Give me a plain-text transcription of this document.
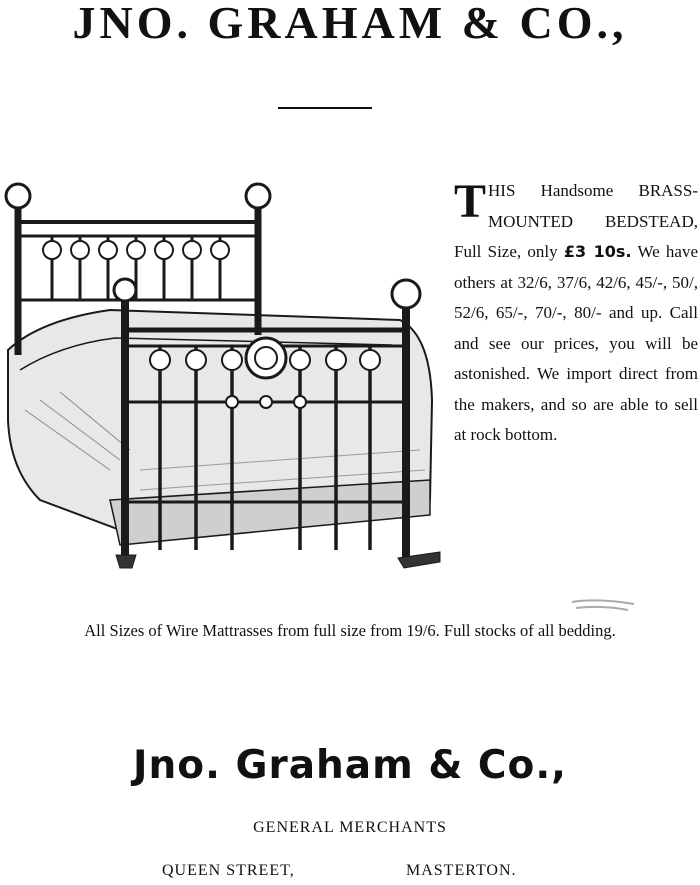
JNO. GRAHAM & CO.,

THIS Handsome BRASS-MOUNTED BEDSTEAD, Full Size, only £3 10s. We have others at 32/6, 37/6, 42/6, 45/-, 50/, 52/6, 65/-, 70/-, 80/- and up. Call and see our prices, you will be astonished. We import direct from the makers, and so are able to sell at rock bottom.

All Sizes of Wire Mattrasses from full size from 19/6. Full stocks of all bedding.

Jno. Graham & Co.,
GENERAL MERCHANTS
QUEEN STREET,	MASTERTON.
